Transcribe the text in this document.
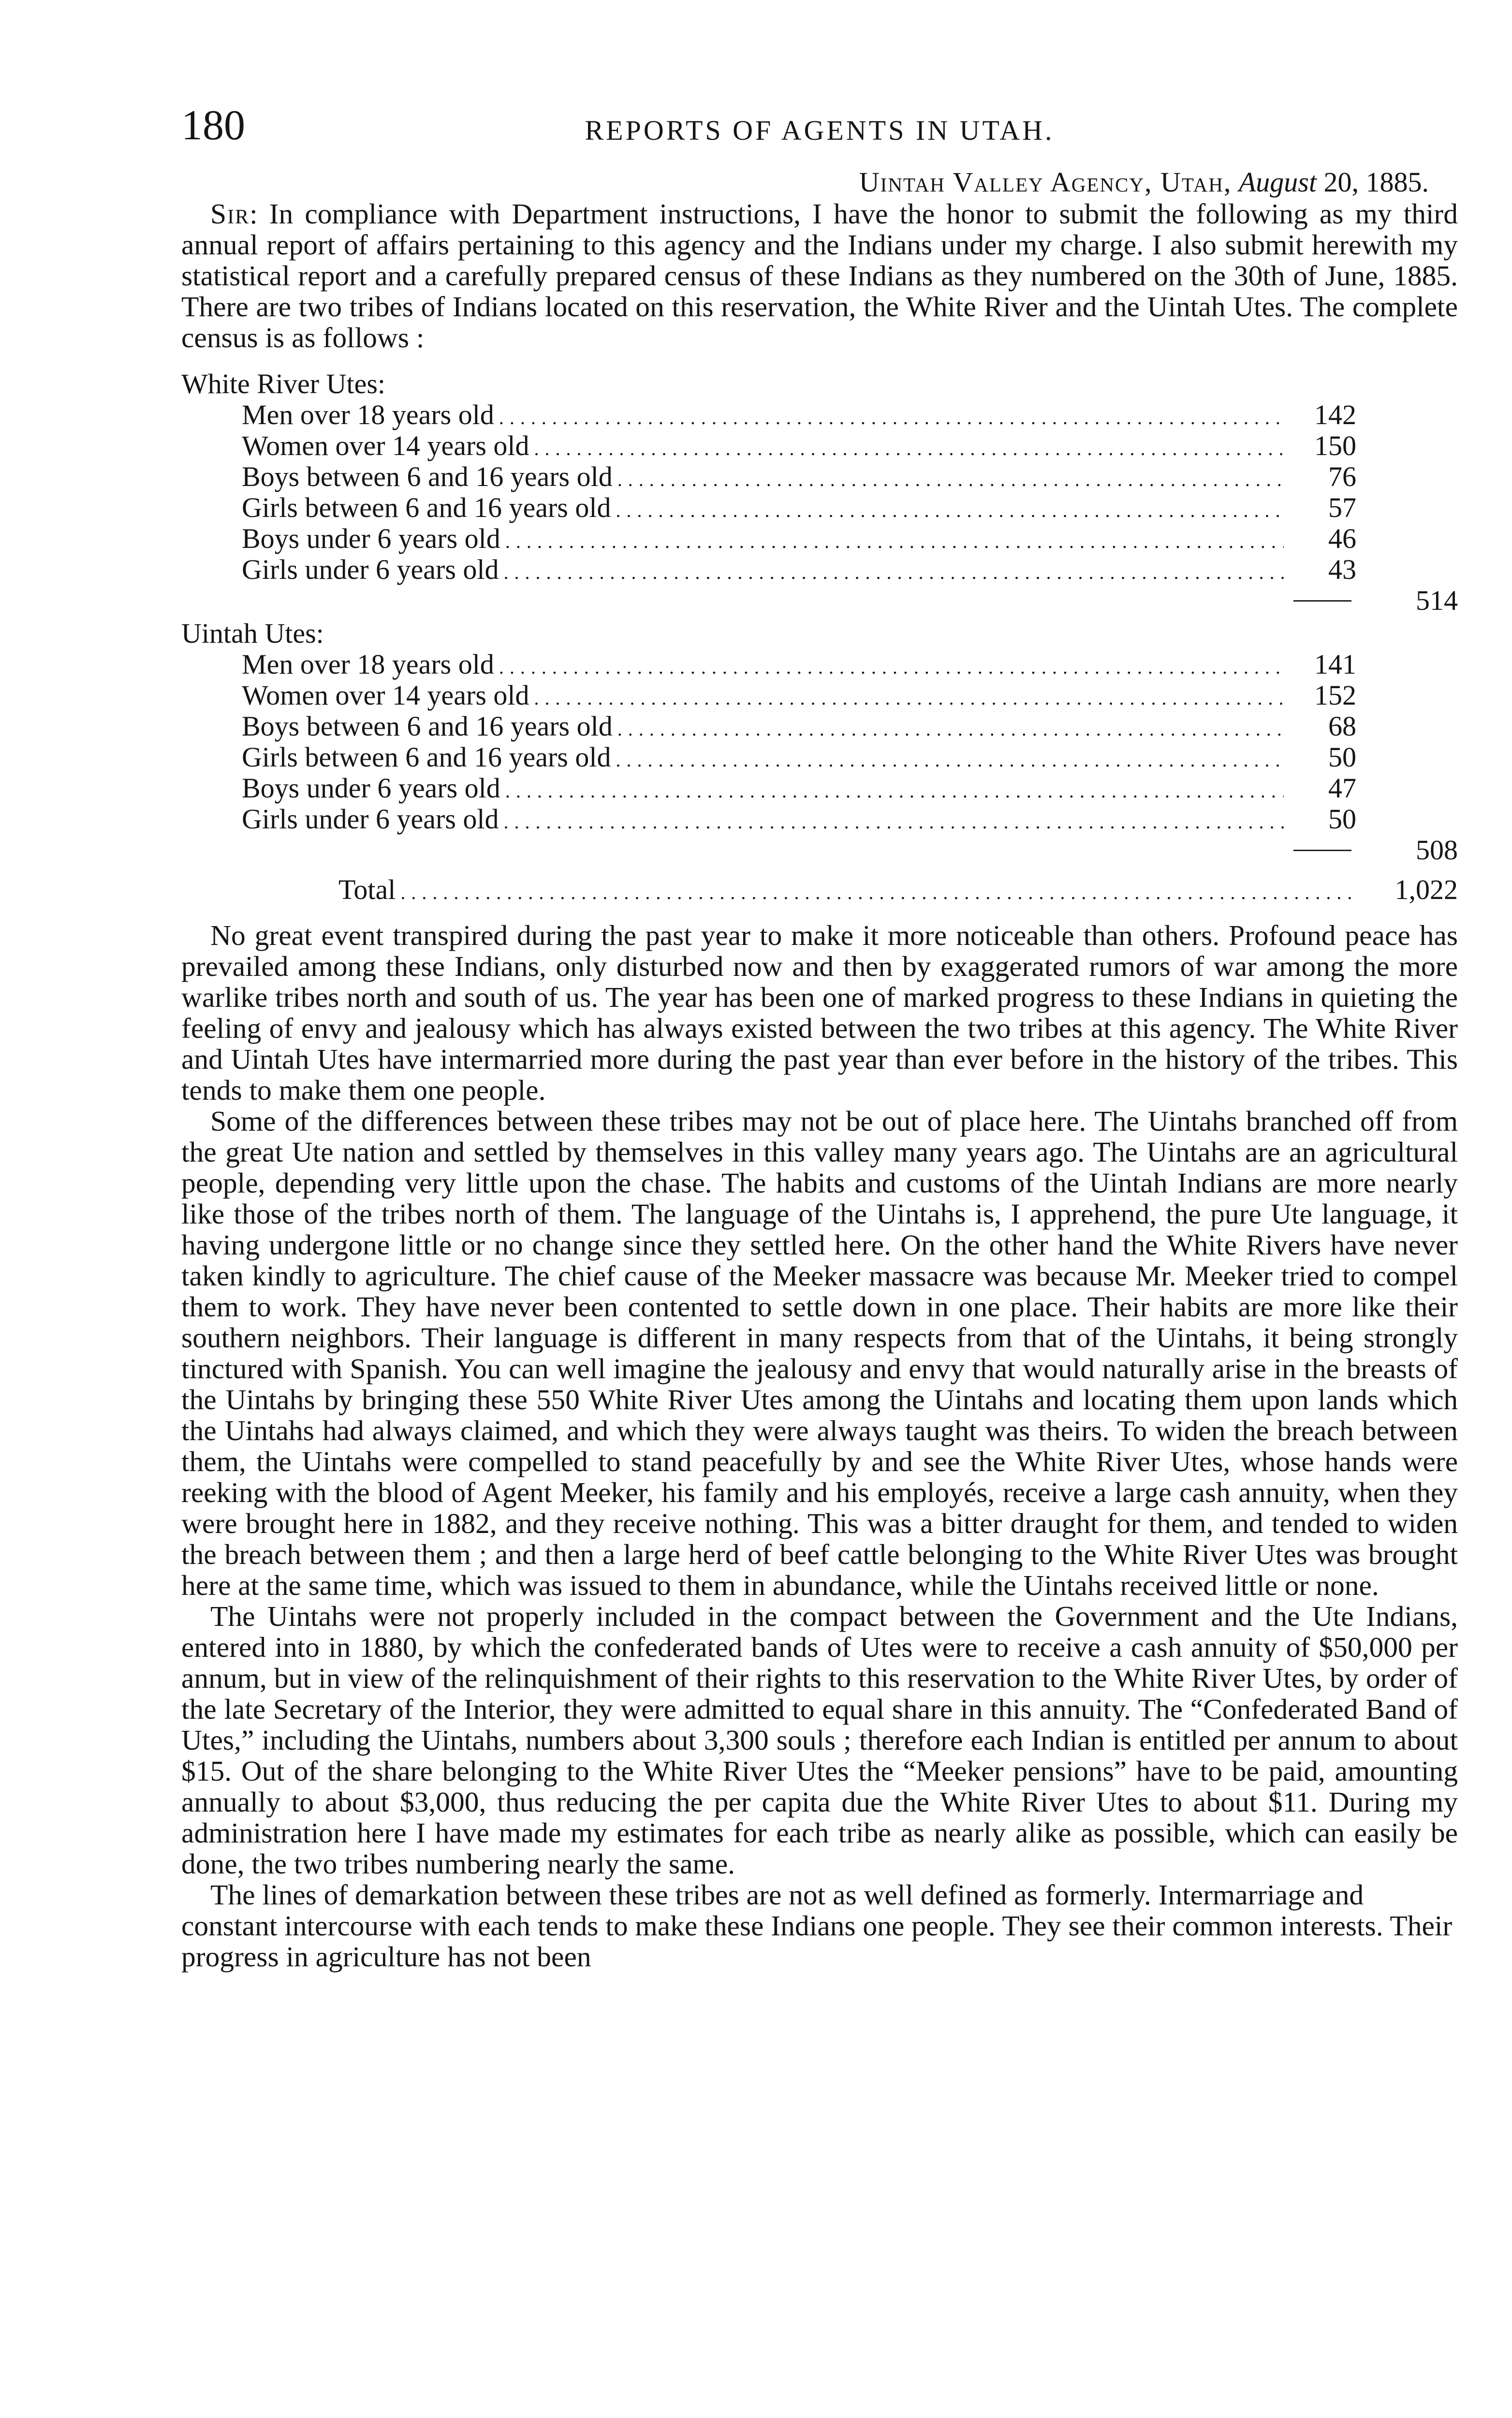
180	REPORTS OF AGENTS IN UTAH.
Uintah Valley Agency, Utah, August 20, 1885.

Sir: In compliance with Department instructions, I have the honor to submit the following as my third annual report of affairs pertaining to this agency and the Indians under my charge. I also submit herewith my statistical report and a carefully prepared census of these Indians as they numbered on the 30th of June, 1885. There are two tribes of Indians located on this reservation, the White River and the Uintah Utes. The complete census is as follows :

White River Utes:
Men over 18 years old . . .	142
Women over 14 years old . . .	150
Boys between 6 and 16 years old . . .	76
Girls between 6 and 16 years old . . .	57
Boys under 6 years old . . .	46
Girls under 6 years old . . .	43
514
Uintah Utes:
Men over 18 years old . . .	141
Women over 14 years old . . .	152
Boys between 6 and 16 years old . . .	68
Girls between 6 and 16 years old . . .	50
Boys under 6 years old . . .	47
Girls under 6 years old . . .	50
508
Total . . .	1,022

No great event transpired during the past year to make it more noticeable than others. Profound peace has prevailed among these Indians, only disturbed now and then by exaggerated rumors of war among the more warlike tribes north and south of us. The year has been one of marked progress to these Indians in quieting the feeling of envy and jealousy which has always existed between the two tribes at this agency. The White River and Uintah Utes have intermarried more during the past year than ever before in the history of the tribes. This tends to make them one people.

Some of the differences between these tribes may not be out of place here. The Uintahs branched off from the great Ute nation and settled by themselves in this valley many years ago. The Uintahs are an agricultural people, depending very little upon the chase. The habits and customs of the Uintah Indians are more nearly like those of the tribes north of them. The language of the Uintahs is, I apprehend, the pure Ute language, it having undergone little or no change since they settled here. On the other hand the White Rivers have never taken kindly to agriculture. The chief cause of the Meeker massacre was because Mr. Meeker tried to compel them to work. They have never been contented to settle down in one place. Their habits are more like their southern neighbors. Their language is different in many respects from that of the Uintahs, it being strongly tinctured with Spanish. You can well imagine the jealousy and envy that would naturally arise in the breasts of the Uintahs by bringing these 550 White River Utes among the Uintahs and locating them upon lands which the Uintahs had always claimed, and which they were always taught was theirs. To widen the breach between them, the Uintahs were compelled to stand peacefully by and see the White River Utes, whose hands were reeking with the blood of Agent Meeker, his family and his employés, receive a large cash annuity, when they were brought here in 1882, and they receive nothing. This was a bitter draught for them, and tended to widen the breach between them ; and then a large herd of beef cattle belonging to the White River Utes was brought here at the same time, which was issued to them in abundance, while the Uintahs received little or none.

The Uintahs were not properly included in the compact between the Government and the Ute Indians, entered into in 1880, by which the confederated bands of Utes were to receive a cash annuity of $50,000 per annum, but in view of the relinquishment of their rights to this reservation to the White River Utes, by order of the late Secretary of the Interior, they were admitted to equal share in this annuity. The “Confederated Band of Utes,” including the Uintahs, numbers about 3,300 souls ; therefore each Indian is entitled per annum to about $15. Out of the share belonging to the White River Utes the “Meeker pensions” have to be paid, amounting annually to about $3,000, thus reducing the per capita due the White River Utes to about $11. During my administration here I have made my estimates for each tribe as nearly alike as possible, which can easily be done, the two tribes numbering nearly the same.

The lines of demarkation between these tribes are not as well defined as formerly. Intermarriage and constant intercourse with each tends to make these Indians one people. They see their common interests. Their progress in agriculture has not been
